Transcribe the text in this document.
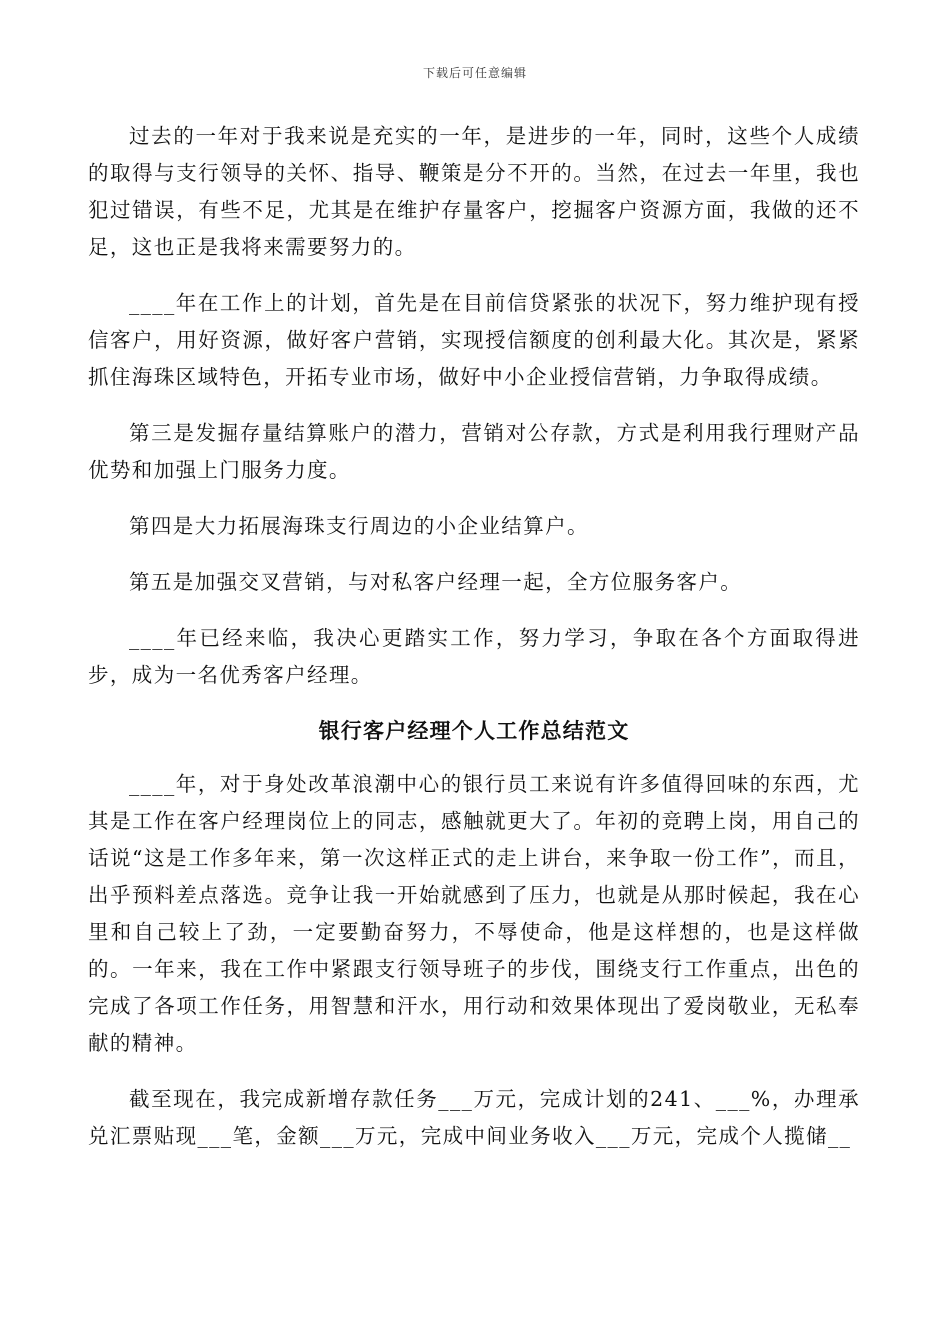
下载后可任意编辑

过去的一年对于我来说是充实的一年，是进步的一年，同时，这些个人成绩的取得与支行领导的关怀、指导、鞭策是分不开的。当然，在过去一年里，我也犯过错误，有些不足，尤其是在维护存量客户，挖掘客户资源方面，我做的还不足，这也正是我将来需要努力的。

____年在工作上的计划，首先是在目前信贷紧张的状况下，努力维护现有授信客户，用好资源，做好客户营销，实现授信额度的创利最大化。其次是，紧紧抓住海珠区域特色，开拓专业市场，做好中小企业授信营销，力争取得成绩。

第三是发掘存量结算账户的潜力，营销对公存款，方式是利用我行理财产品优势和加强上门服务力度。

第四是大力拓展海珠支行周边的小企业结算户。

第五是加强交叉营销，与对私客户经理一起，全方位服务客户。

____年已经来临，我决心更踏实工作，努力学习，争取在各个方面取得进步，成为一名优秀客户经理。

银行客户经理个人工作总结范文

____年，对于身处改革浪潮中心的银行员工来说有许多值得回味的东西，尤其是工作在客户经理岗位上的同志，感触就更大了。年初的竞聘上岗，用自己的话说“这是工作多年来，第一次这样正式的走上讲台，来争取一份工作”，而且，出乎预料差点落选。竞争让我一开始就感到了压力，也就是从那时候起，我在心里和自己较上了劲，一定要勤奋努力，不辱使命，他是这样想的，也是这样做的。一年来，我在工作中紧跟支行领导班子的步伐，围绕支行工作重点，出色的完成了各项工作任务，用智慧和汗水，用行动和效果体现出了爱岗敬业，无私奉献的精神。

截至现在，我完成新增存款任务___万元，完成计划的241、___%，办理承兑汇票贴现___笔，金额___万元，完成中间业务收入___万元，完成个人揽储__
